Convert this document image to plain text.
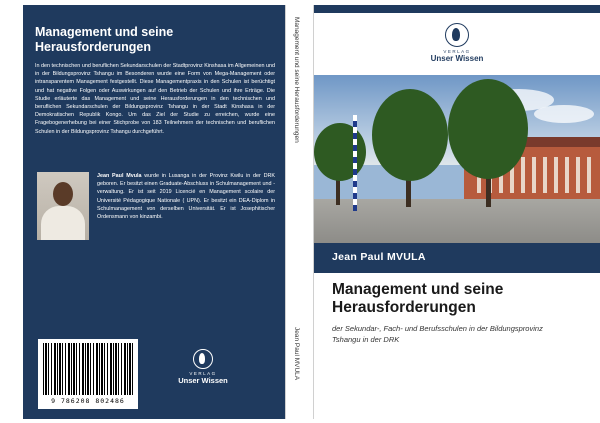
Management und seine Herausforderungen
In den technischen und beruflichen Sekundarschulen der Stadtprovinz Kinshasa im Allgemeinen und in der Bildungsprovinz Tshangu im Besonderen wurde eine Form von Mega-Management oder intransparentem Management festgestellt. Diese Managementpraxis in den Schulen ist berüchtigt und hat negative Folgen oder Auswirkungen auf den Betrieb der Schulen und ihre Erträge. Die Studie erläuterte das Management und seine Herausforderungen in den technischen und beruflichen Sekundarschulen der Bildungsprovinz Tshangu in der Stadt Kinshasa in der Demokratischen Republik Kongo. Um das Ziel der Studie zu erreichen, wurde eine Fragebogenerhebung bei einer Stichprobe von 183 Teilnehmern der technischen und beruflichen Schulen in der Bildungsprovinz Tshangu durchgeführt.
Jean Paul Mvula wurde in Lusanga in der Provinz Kwilu in der DRK geboren. Er besitzt einen Graduate-Abschluss in Schulmanagement und -verwaltung. Er ist seit 2019 Licencié en Management scolaire der Université Pédagogique Nationale ( UPN). Er besitzt ein DEA-Diplom in Schulmanagement von derselben Universität. Er ist Josephitischer Ordensmann von kinzambi.
9 786208 802486
VERLAG
Unser Wissen
Management und seine Herausforderungen
Jean Paul MVULA
VERLAG
Unser Wissen
Jean Paul MVULA
Management und seine Herausforderungen
der Sekundar-, Fach- und Berufsschulen in der Bildungsprovinz Tshangu in der DRK
